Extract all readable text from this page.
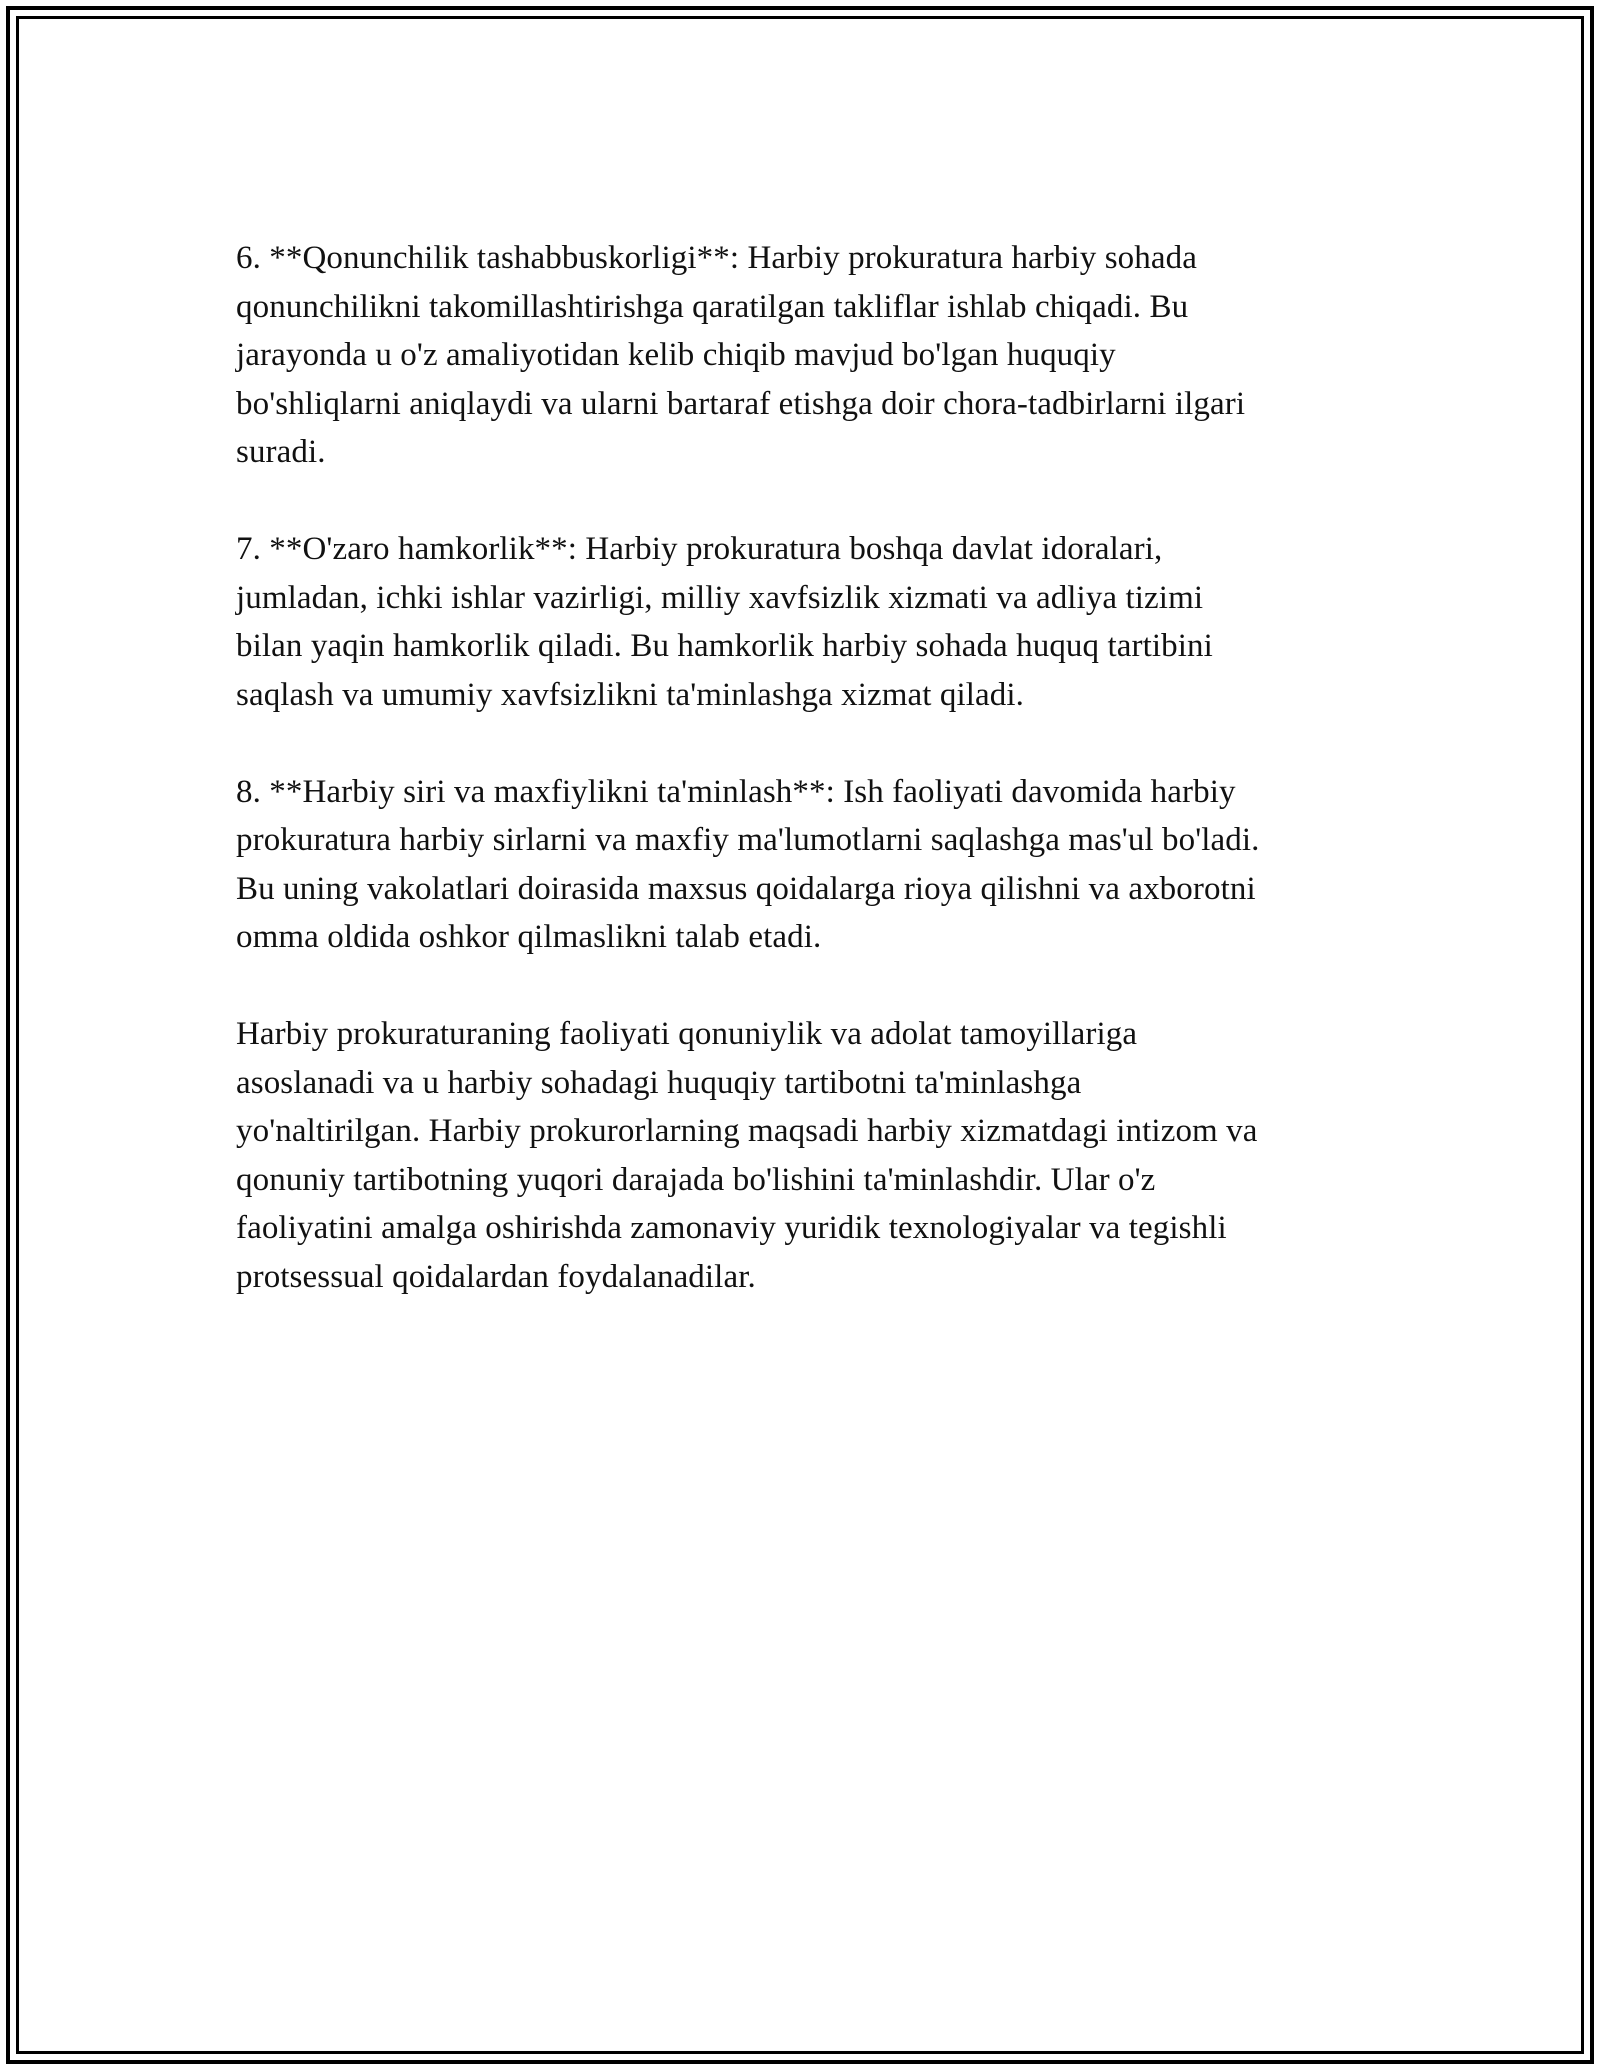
6. **Qonunchilik tashabbuskorligi**: Harbiy prokuratura harbiy sohada
qonunchilikni takomillashtirishga qaratilgan takliflar ishlab chiqadi. Bu
jarayonda u o'z amaliyotidan kelib chiqib mavjud bo'lgan huquqiy
bo'shliqlarni aniqlaydi va ularni bartaraf etishga doir chora-tadbirlarni ilgari
suradi.

7. **O'zaro hamkorlik**: Harbiy prokuratura boshqa davlat idoralari,
jumladan, ichki ishlar vazirligi, milliy xavfsizlik xizmati va adliya tizimi
bilan yaqin hamkorlik qiladi. Bu hamkorlik harbiy sohada huquq tartibini
saqlash va umumiy xavfsizlikni ta'minlashga xizmat qiladi.

8. **Harbiy siri va maxfiylikni ta'minlash**: Ish faoliyati davomida harbiy
prokuratura harbiy sirlarni va maxfiy ma'lumotlarni saqlashga mas'ul bo'ladi.
Bu uning vakolatlari doirasida maxsus qoidalarga rioya qilishni va axborotni
omma oldida oshkor qilmaslikni talab etadi.

Harbiy prokuraturaning faoliyati qonuniylik va adolat tamoyillariga
asoslanadi va u harbiy sohadagi huquqiy tartibotni ta'minlashga
yo'naltirilgan. Harbiy prokurorlarning maqsadi harbiy xizmatdagi intizom va
qonuniy tartibotning yuqori darajada bo'lishini ta'minlashdir. Ular o'z
faoliyatini amalga oshirishda zamonaviy yuridik texnologiyalar va tegishli
protsessual qoidalardan foydalanadilar.
